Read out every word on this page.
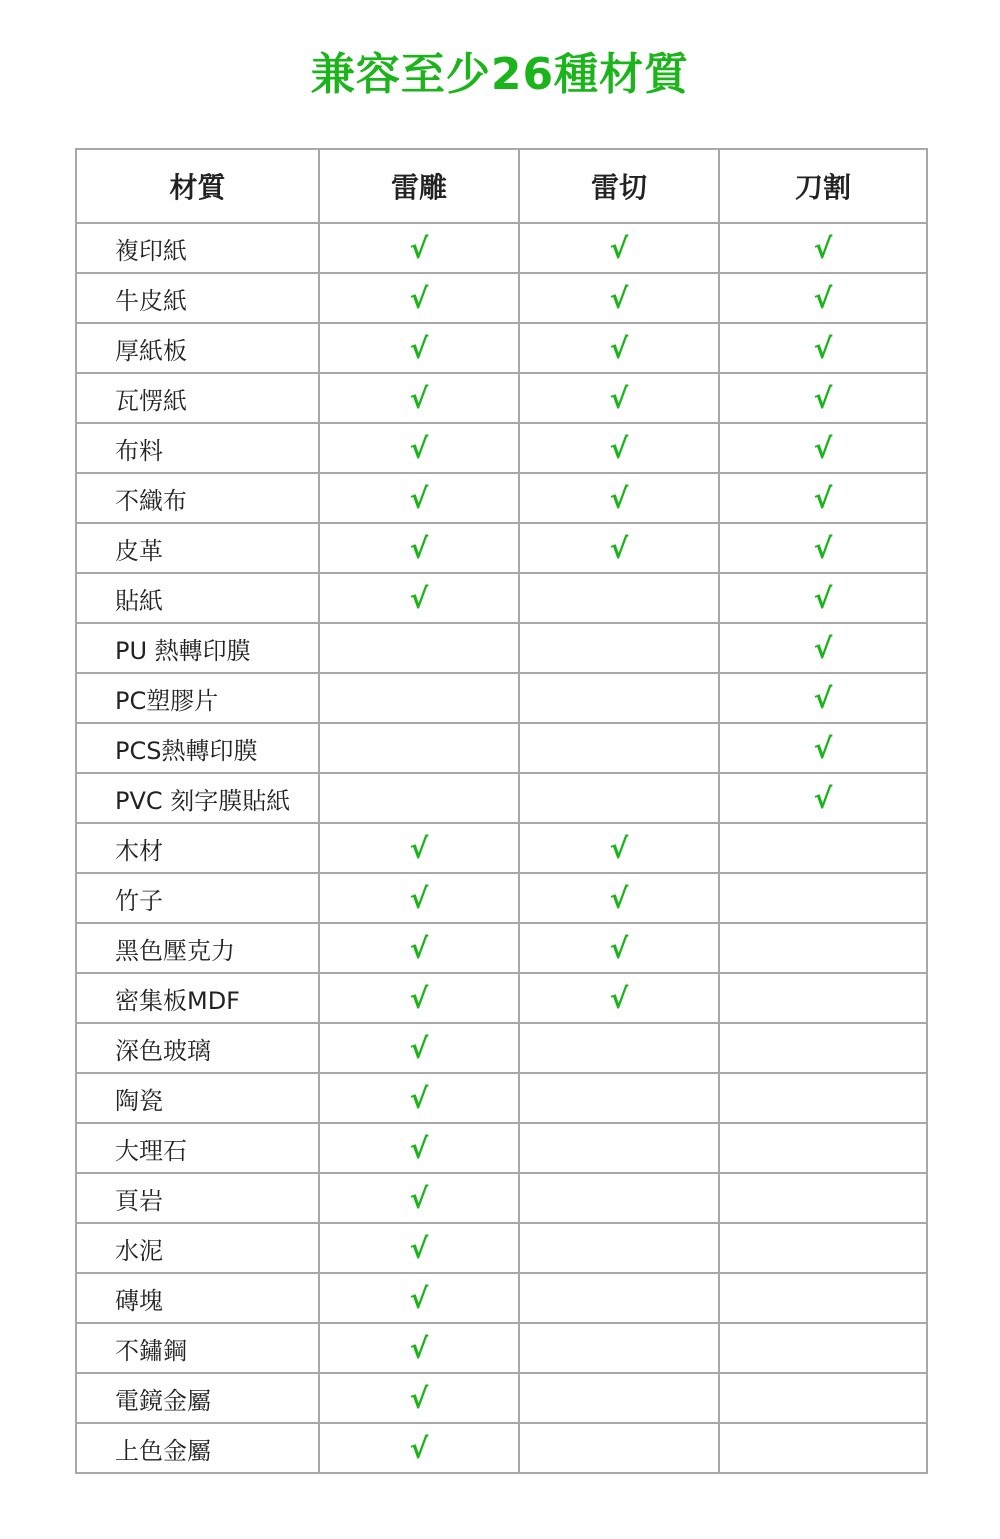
兼容至少26種材質
材質	雷雕	雷切	刀割
複印紙	√	√	√
牛皮紙	√	√	√
厚紙板	√	√	√
瓦愣紙	√	√	√
布料	√	√	√
不織布	√	√	√
皮革	√	√	√
貼紙	√		√
PU 熱轉印膜			√
PC塑膠片			√
PCS熱轉印膜			√
PVC 刻字膜貼紙			√
木材	√	√	
竹子	√	√	
黑色壓克力	√	√	
密集板MDF	√	√	
深色玻璃	√		
陶瓷	√		
大理石	√		
頁岩	√		
水泥	√		
磚塊	√		
不鏽鋼	√		
電鏡金屬	√		
上色金屬	√		
